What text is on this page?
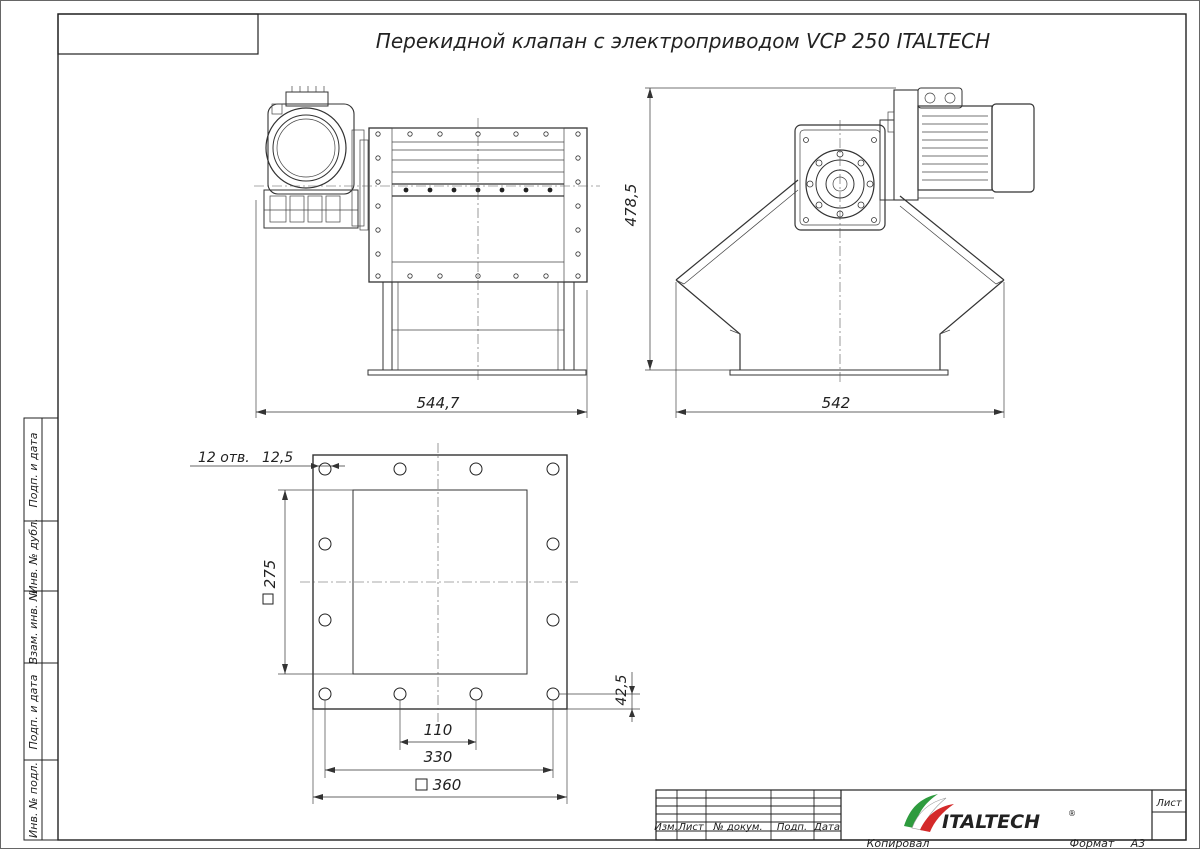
Перекидной клапан с электроприводом VCP 250 ITALTECH
Подп. и дата
Инв. № дубл.
Взам. инв. №
Подп. и дата
Инв. № подл.
544,7
478,5
542
12 отв. 12,5
275
42,5
110
330
360
Изм. Лист № докум. Подп. Дата
Лист
Копировал	Формат А3
ITALTECH	®
